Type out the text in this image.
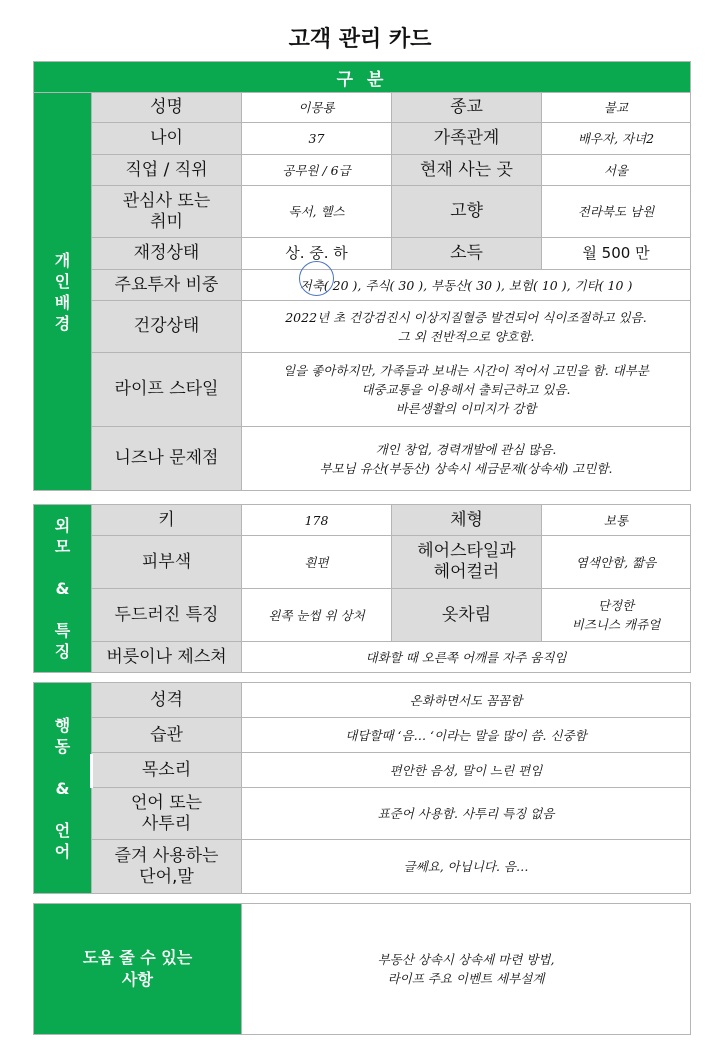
고객 관리 카드
구 분				
개
인
배
경	성명	이몽룡	종교	불교
	나이	37	가족관계	배우자, 자녀2
	직업 / 직위	공무원 / 6급	현재 사는 곳	서울
	관심사 또는
취미	독서, 헬스	고향	전라북도 남원
	재정상태	상. 중. 하	소득	월 500 만
	주요투자 비중	저축( 20 ), 주식( 30 ), 부동산( 30 ), 보험( 10 ), 기타( 10 )		
	건강상태	2022년 초 건강검진시 이상지질혈증 발견되어 식이조절하고 있음.
그 외 전반적으로 양호함.		
	라이프 스타일	일을 좋아하지만, 가족들과 보내는 시간이 적어서 고민을 함. 대부분
대중교통을 이용해서 출퇴근하고 있음.
바른생활의 이미지가 강함		
	니즈나 문제점	개인 창업, 경력개발에 관심 많음.
부모님 유산(부동산) 상속시 세금문제(상속세) 고민함.		
외
모

&

특
징	키	178	체형	보통
	피부색	흰편	헤어스타일과
헤어컬러	염색안함, 짧음
	두드러진 특징	왼쪽 눈썹 위 상처	옷차림	단정한
비즈니스 캐쥬얼
	버릇이나 제스쳐	대화할 때 오른쪽 어깨를 자주 움직임		
행
동

&

언
어	성격	온화하면서도 꼼꼼함
	습관	대답할때 ‘음… ‘이라는 말을 많이 씀. 신중함
	목소리	편안한 음성, 말이 느린 편임
	언어 또는
사투리	표준어 사용함. 사투리 특징 없음
	즐겨 사용하는
단어,말	글쎄요, 아닙니다. 음…
도움 줄 수 있는
사항	부동산 상속시 상속세 마련 방법,
라이프 주요 이벤트 세부설계
